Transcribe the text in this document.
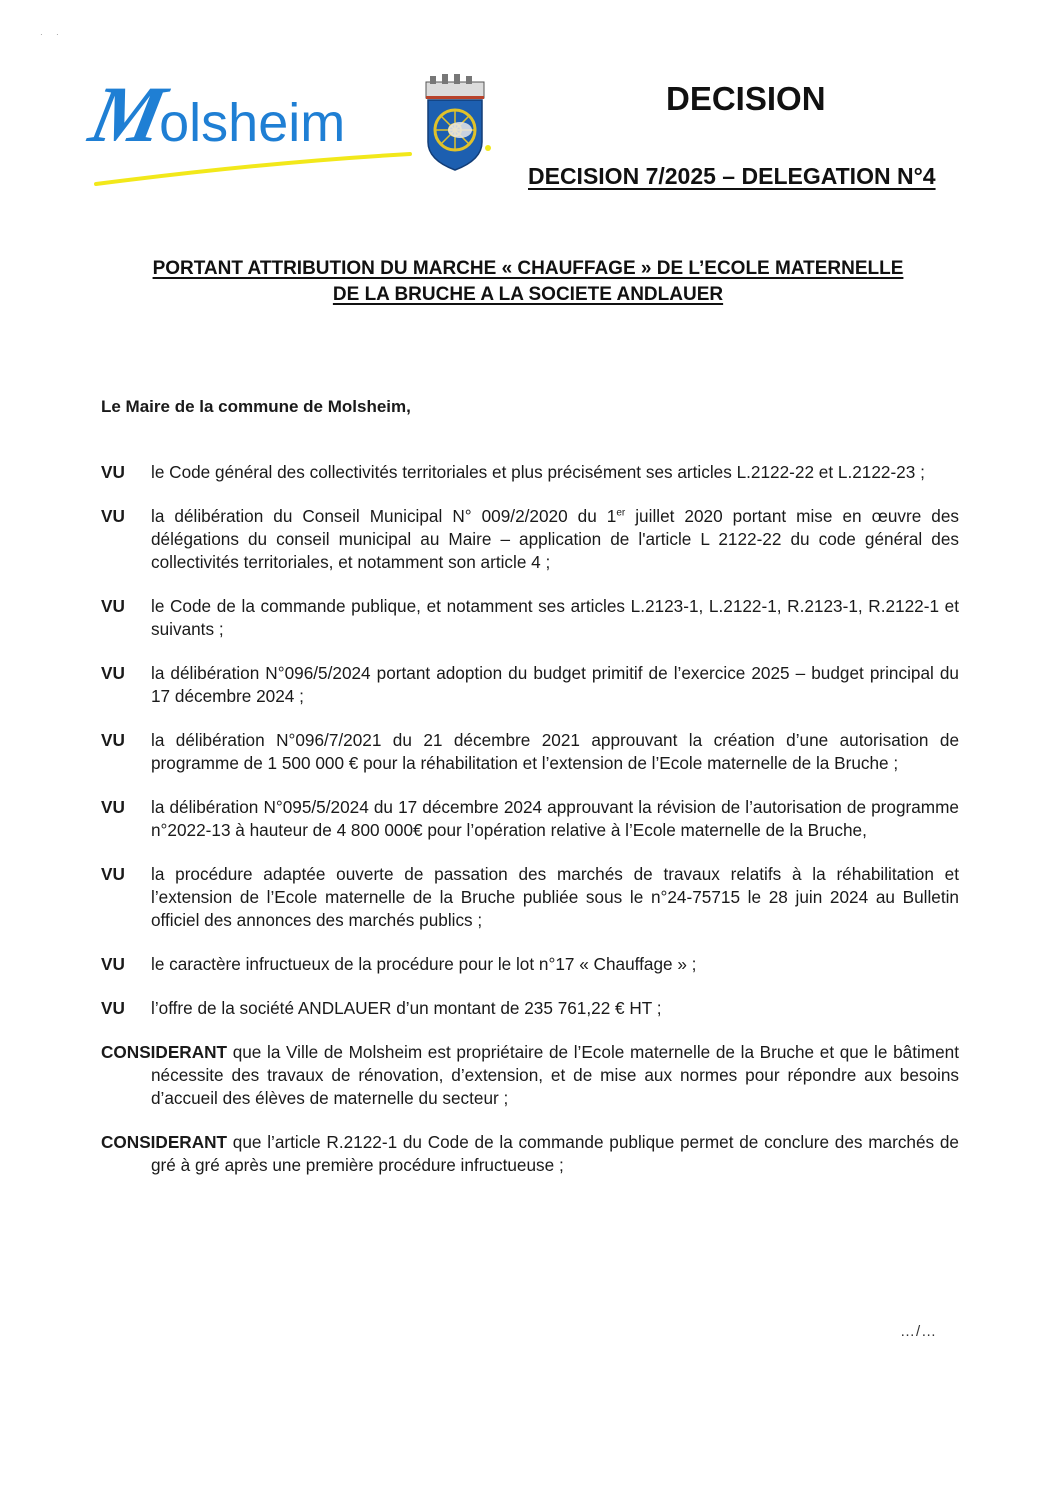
·      ·
Molsheim	DECISION
DECISION 7/2025 – DELEGATION N°4
PORTANT ATTRIBUTION DU MARCHE « CHAUFFAGE » DE L’ECOLE MATERNELLE
DE LA BRUCHE A LA SOCIETE ANDLAUER
Le Maire de la commune de Molsheim,
VU	le Code général des collectivités territoriales et plus précisément ses articles L.2122-22 et L.2122-23 ;
VU	la délibération du Conseil Municipal N° 009/2/2020 du 1er juillet 2020 portant mise en œuvre des délégations du conseil municipal au Maire – application de l'article L 2122-22 du code général des collectivités territoriales, et notamment son article 4 ;
VU	le Code de la commande publique, et notamment ses articles L.2123-1, L.2122-1, R.2123-1, R.2122-1 et suivants ;
VU	la délibération N°096/5/2024 portant adoption du budget primitif de l’exercice 2025 – budget principal du 17 décembre 2024 ;
VU	la délibération N°096/7/2021 du 21 décembre 2021 approuvant la création d’une autorisation de programme de 1 500 000 € pour la réhabilitation et l’extension de l’Ecole maternelle de la Bruche ;
VU	la délibération N°095/5/2024 du 17 décembre 2024 approuvant la révision de l’autorisation de programme n°2022-13 à hauteur de 4 800 000€ pour l’opération relative à l’Ecole maternelle de la Bruche,
VU	la procédure adaptée ouverte de passation des marchés de travaux relatifs à la réhabilitation et l’extension de l’Ecole maternelle de la Bruche publiée sous le n°24-75715 le 28 juin 2024 au Bulletin officiel des annonces des marchés publics ;
VU	le caractère infructueux de la procédure pour le lot n°17 « Chauffage » ;
VU	l’offre de la société ANDLAUER d’un montant de 235 761,22 € HT ;
CONSIDERANT que la Ville de Molsheim est propriétaire de l’Ecole maternelle de la Bruche et que le bâtiment nécessite des travaux de rénovation, d’extension, et de mise aux normes pour répondre aux besoins d’accueil des élèves de maternelle du secteur ;
CONSIDERANT que l’article R.2122-1 du Code de la commande publique permet de conclure des marchés de gré à gré après une première procédure infructueuse ;
…/…
